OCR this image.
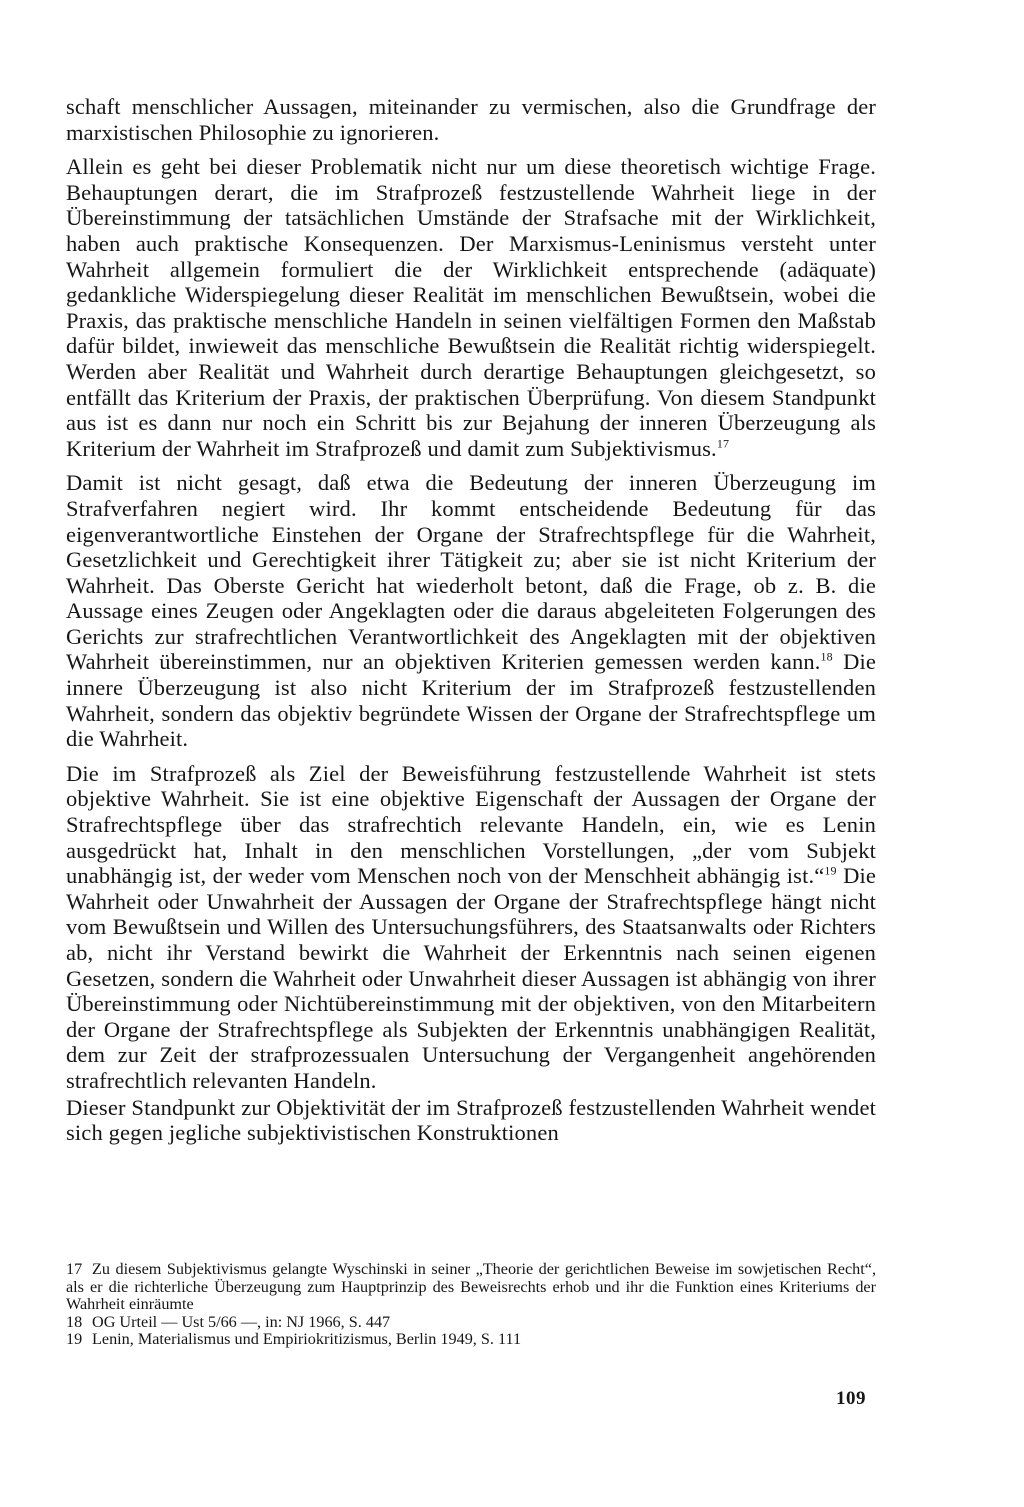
schaft menschlicher Aussagen, miteinander zu vermischen, also die Grundfrage der marxistischen Philosophie zu ignorieren.

Allein es geht bei dieser Problematik nicht nur um diese theoretisch wichtige Frage. Behauptungen derart, die im Strafprozeß festzustellende Wahrheit liege in der Übereinstimmung der tatsächlichen Umstände der Strafsache mit der Wirklichkeit, haben auch praktische Konsequenzen. Der Marxismus-Leninismus versteht unter Wahrheit allgemein formuliert die der Wirklichkeit entsprechende (adäquate) gedankliche Widerspiegelung dieser Realität im menschlichen Bewußtsein, wobei die Praxis, das praktische menschliche Handeln in seinen vielfältigen Formen den Maßstab dafür bildet, inwieweit das menschliche Bewußtsein die Realität richtig widerspiegelt. Werden aber Realität und Wahrheit durch derartige Behauptungen gleichgesetzt, so entfällt das Kriterium der Praxis, der praktischen Überprüfung. Von diesem Standpunkt aus ist es dann nur noch ein Schritt bis zur Bejahung der inneren Überzeugung als Kriterium der Wahrheit im Strafprozeß und damit zum Subjektivismus.$^{17}$

Damit ist nicht gesagt, daß etwa die Bedeutung der inneren Überzeugung im Strafverfahren negiert wird. Ihr kommt entscheidende Bedeutung für das eigenverantwortliche Einstehen der Organe der Strafrechtspflege für die Wahrheit, Gesetzlichkeit und Gerechtigkeit ihrer Tätigkeit zu; aber sie ist nicht Kriterium der Wahrheit. Das Oberste Gericht hat wiederholt betont, daß die Frage, ob z. B. die Aussage eines Zeugen oder Angeklagten oder die daraus abgeleiteten Folgerungen des Gerichts zur strafrechtlichen Verantwortlichkeit des Angeklagten mit der objektiven Wahrheit übereinstimmen, nur an objektiven Kriterien gemessen werden kann.$^{18}$ Die innere Überzeugung ist also nicht Kriterium der im Strafprozeß festzustellenden Wahrheit, sondern das objektiv begründete Wissen der Organe der Strafrechtspflege um die Wahrheit.

Die im Strafprozeß als Ziel der Beweisführung festzustellende Wahrheit ist stets objektive Wahrheit. Sie ist eine objektive Eigenschaft der Aussagen der Organe der Strafrechtspflege über das strafrechtich relevante Handeln, ein, wie es Lenin ausgedrückt hat, Inhalt in den menschlichen Vorstellungen, „der vom Subjekt unabhängig ist, der weder vom Menschen noch von der Menschheit abhängig ist.“$^{19}$ Die Wahrheit oder Unwahrheit der Aussagen der Organe der Strafrechtspflege hängt nicht vom Bewußtsein und Willen des Untersuchungsführers, des Staatsanwalts oder Richters ab, nicht ihr Verstand bewirkt die Wahrheit der Erkenntnis nach seinen eigenen Gesetzen, sondern die Wahrheit oder Unwahrheit dieser Aussagen ist abhängig von ihrer Übereinstimmung oder Nichtübereinstimmung mit der objektiven, von den Mitarbeitern der Organe der Strafrechtspflege als Subjekten der Erkenntnis unabhängigen Realität, dem zur Zeit der strafprozessualen Untersuchung der Vergangenheit angehörenden strafrechtlich relevanten Handeln.

Dieser Standpunkt zur Objektivität der im Strafprozeß festzustellenden Wahrheit wendet sich gegen jegliche subjektivistischen Konstruktionen

17 Zu diesem Subjektivismus gelangte Wyschinski in seiner „Theorie der gerichtlichen Beweise im sowjetischen Recht“, als er die richterliche Überzeugung zum Hauptprinzip des Beweisrechts erhob und ihr die Funktion eines Kriteriums der Wahrheit einräumte

18 OG Urteil — Ust 5/66 —, in: NJ 1966, S. 447

19 Lenin, Materialismus und Empiriokritizismus, Berlin 1949, S. 111

109
